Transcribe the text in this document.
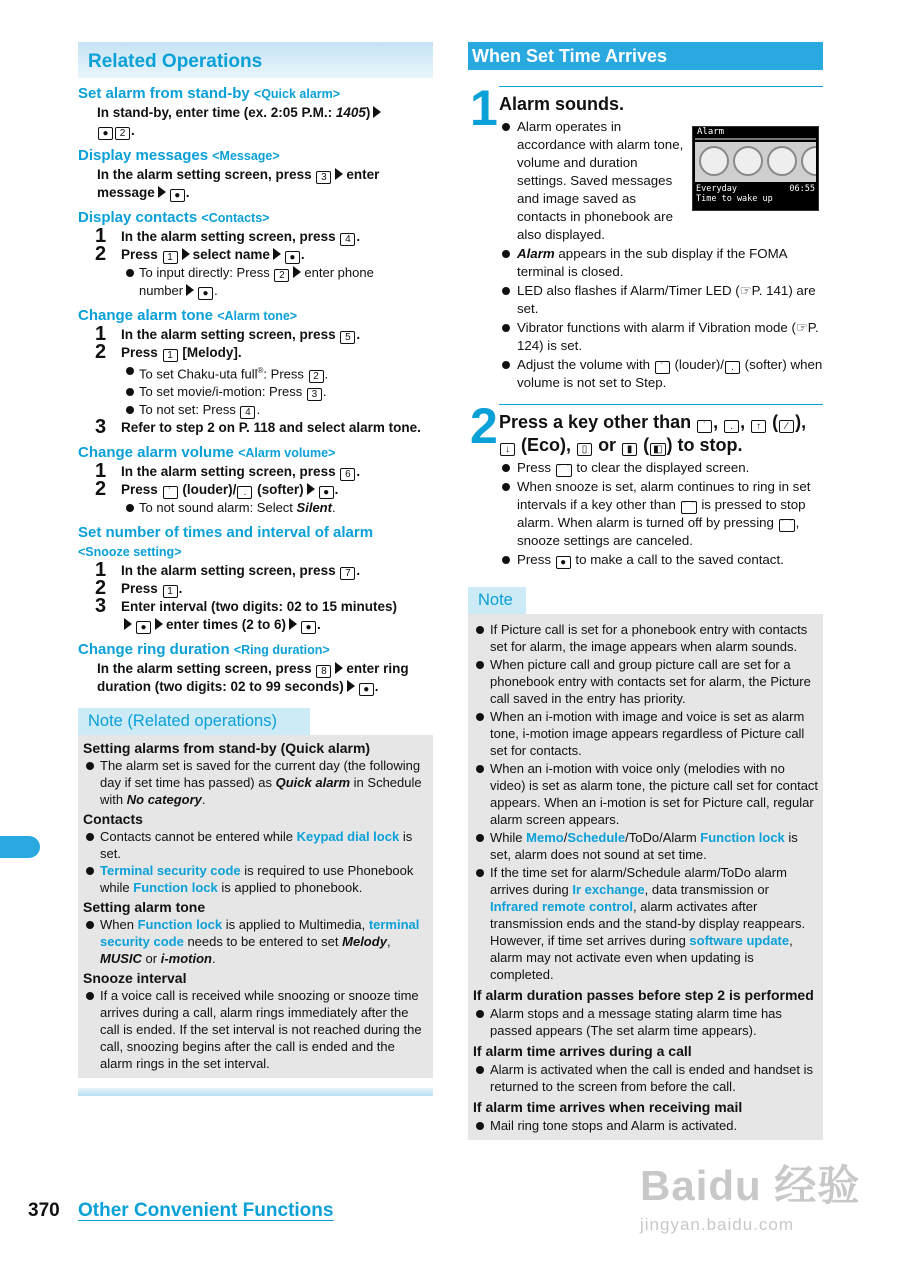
Related Operations
Set alarm from stand-by <Quick alarm>
In stand-by, enter time (ex. 2:05 P.M.: 1405)
● 2 .
Display messages <Message>
In the alarm setting screen, press 3 enter
message ● .
Display contacts <Contacts>
1	In the alarm setting screen, press 4 .
2	Press 1 select name ● .
To input directly: Press 2 enter phone
number ● .
Change alarm tone <Alarm tone>
1	In the alarm setting screen, press 5 .
2	Press 1 [Melody].
To set Chaku-uta full®: Press 2 .
To set movie/i-motion: Press 3 .
To not set: Press 4 .
3	Refer to step 2 on P. 118 and select alarm tone.
Change alarm volume <Alarm volume>
1	In the alarm setting screen, press 6 .
2	Press ˙ (louder)/ . (softer) ● .
To not sound alarm: Select Silent.
Set number of times and interval of alarm
<Snooze setting>
1	In the alarm setting screen, press 7 .
2	Press 1 .
3	Enter interval (two digits: 02 to 15 minutes)
● enter times (2 to 6) ● .
Change ring duration <Ring duration>
In the alarm setting screen, press 8 enter ring
duration (two digits: 02 to 99 seconds) ● .
Note (Related operations)
Setting alarms from stand-by (Quick alarm)
The alarm set is saved for the current day (the following day if set time has passed) as Quick alarm in Schedule with No category.
Contacts
Contacts cannot be entered while Keypad dial lock is set.
Terminal security code is required to use Phonebook while Function lock is applied to phonebook.
Setting alarm tone
When Function lock is applied to Multimedia, terminal security code needs to be entered to set Melody, MUSIC or i-motion.
Snooze interval
If a voice call is received while snoozing or snooze time arrives during a call, alarm rings immediately after the call is ended. If the set interval is not reached during the call, snoozing begins after the call is ended and the alarm rings in the set interval.
When Set Time Arrives
1 Alarm sounds.
Alarm
Everyday	06:55
Time to wake up
Alarm operates in accordance with alarm tone, volume and duration settings. Saved messages and image saved as contacts in phonebook are also displayed.
Alarm appears in the sub display if the FOMA terminal is closed.
LED also flashes if Alarm/Timer LED (☞P. 141) are set.
Vibrator functions with alarm if Vibration mode (☞P. 124) is set.
Adjust the volume with ˙ (louder)/ . (softer) when volume is not set to Step.
2 Press a key other than ˙ , . , ↑ ( ⁄ ),
↓ (Eco), ▯ or ▮ ( ◧ ) to stop.
Press ⌒ to clear the displayed screen.
When snooze is set, alarm continues to ring in set intervals if a key other than ⌒ is pressed to stop alarm. When alarm is turned off by pressing ⌒ , snooze settings are canceled.
Press ● to make a call to the saved contact.
Note
If Picture call is set for a phonebook entry with contacts set for alarm, the image appears when alarm sounds.
When picture call and group picture call are set for a phonebook entry with contacts set for alarm, the Picture call saved in the entry has priority.
When an i-motion with image and voice is set as alarm tone, i-motion image appears regardless of Picture call set for contacts.
When an i-motion with voice only (melodies with no video) is set as alarm tone, the picture call set for contact appears. When an i-motion is set for Picture call, regular alarm screen appears.
While Memo/Schedule/ToDo/Alarm Function lock is set, alarm does not sound at set time.
If the time set for alarm/Schedule alarm/ToDo alarm arrives during Ir exchange, data transmission or Infrared remote control, alarm activates after transmission ends and the stand-by display reappears. However, if time set arrives during software update, alarm may not activate even when updating is completed.
If alarm duration passes before step 2 is performed
Alarm stops and a message stating alarm time has passed appears (The set alarm time appears).
If alarm time arrives during a call
Alarm is activated when the call is ended and handset is returned to the screen from before the call.
If alarm time arrives when receiving mail
Mail ring tone stops and Alarm is activated.
370 Other Convenient Functions
Baidu 经验
jingyan.baidu.com
